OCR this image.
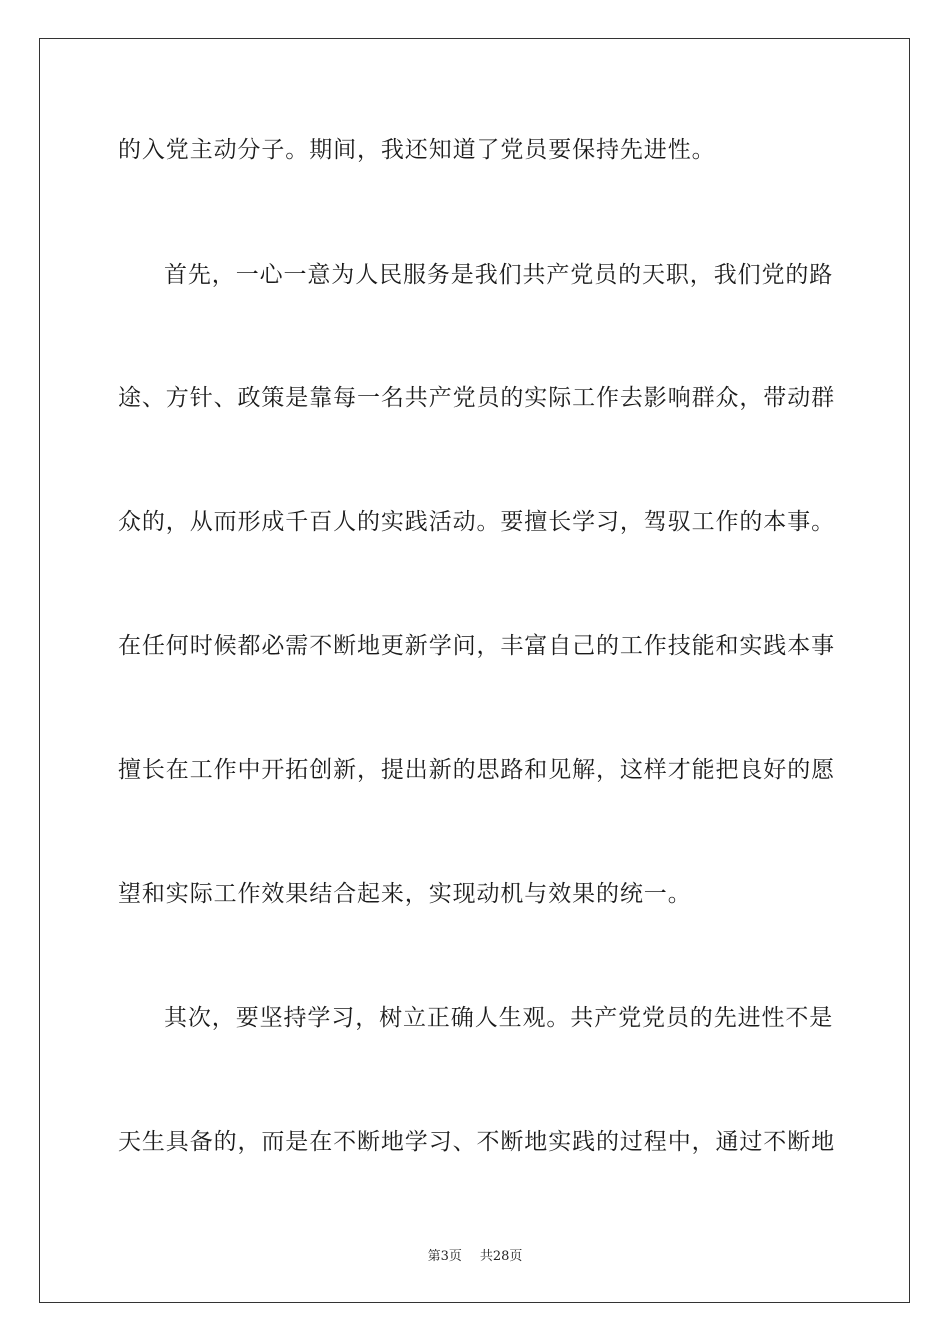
的入党主动分子。期间，我还知道了党员要保持先进性。
首先，一心一意为人民服务是我们共产党员的天职，我们党的路
途、方针、政策是靠每一名共产党员的实际工作去影响群众，带动群
众的，从而形成千百人的实践活动。要擅长学习，驾驭工作的本事。
在任何时候都必需不断地更新学问，丰富自己的工作技能和实践本事
擅长在工作中开拓创新，提出新的思路和见解，这样才能把良好的愿
望和实际工作效果结合起来，实现动机与效果的统一。
其次，要坚持学习，树立正确人生观。共产党党员的先进性不是
天生具备的，而是在不断地学习、不断地实践的过程中，通过不断地
第3页 共28页
